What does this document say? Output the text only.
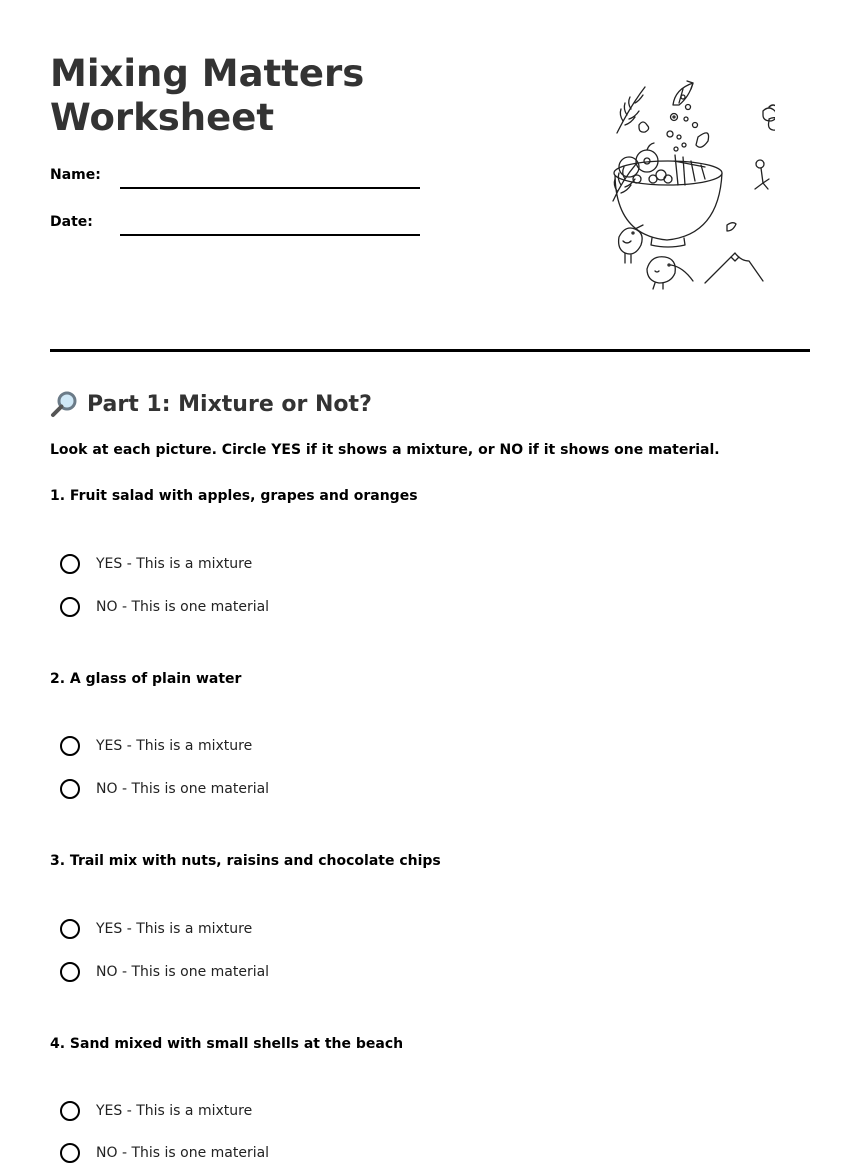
Mixing Matters
Worksheet
Name:
Date:
Part 1: Mixture or Not?
Look at each picture. Circle YES if it shows a mixture, or NO if it shows one material.
1. Fruit salad with apples, grapes and oranges
YES - This is a mixture
NO - This is one material
2. A glass of plain water
YES - This is a mixture
NO - This is one material
3. Trail mix with nuts, raisins and chocolate chips
YES - This is a mixture
NO - This is one material
4. Sand mixed with small shells at the beach
YES - This is a mixture
NO - This is one material
